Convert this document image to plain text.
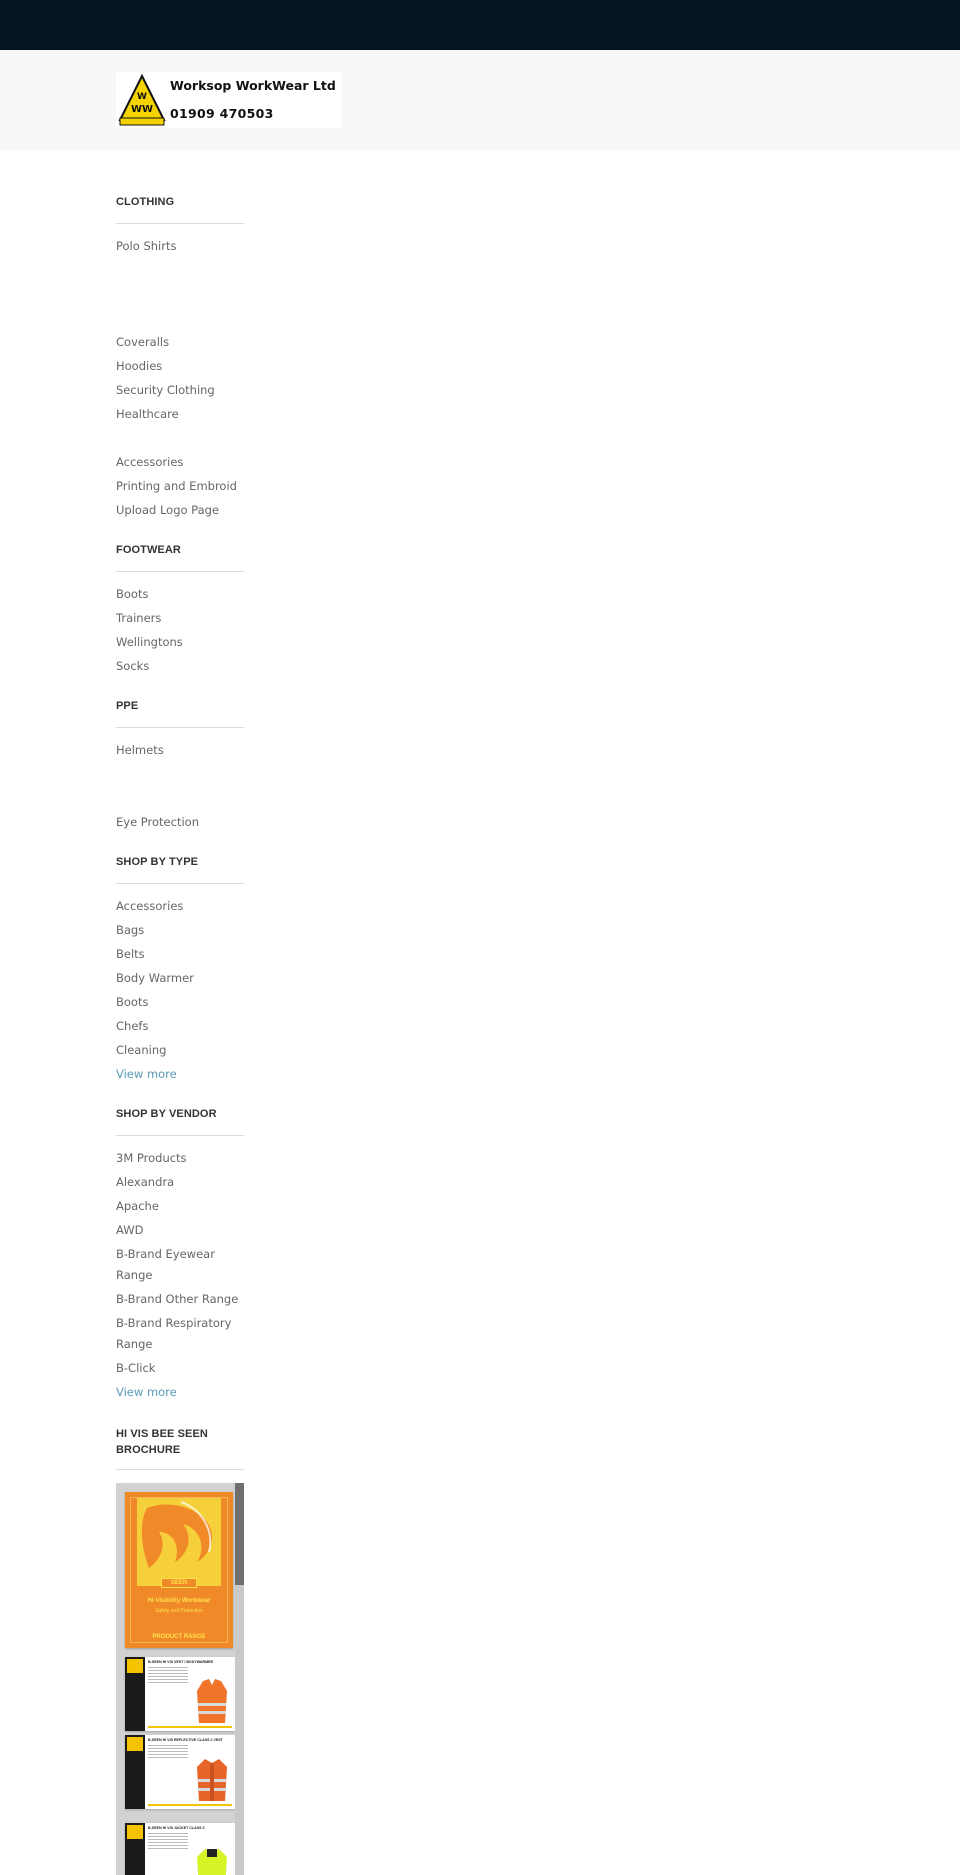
W
WW
Worksop WorkWear Ltd
01909 470503
CLOTHING
Polo Shirts
Coveralls
Hoodies
Security Clothing
Healthcare
Accessories
Printing and Embroid
Upload Logo Page
FOOTWEAR
Boots
Trainers
Wellingtons
Socks
PPE
Helmets
Eye Protection
SHOP BY TYPE
Accessories
Bags
Belts
Body Warmer
Boots
Chefs
Cleaning
View more
SHOP BY VENDOR
3M Products
Alexandra
Apache
AWD
B-Brand Eyewear Range
B-Brand Other Range
B-Brand Respiratory Range
B-Click
View more
HI VIS BEE SEEN BROCHURE
SEEN
Hi-Visibility Workwear
Safety and Protection
PRODUCT RANGE
B-SEEN HI VIS VEST / BODYWARMER
B-SEEN HI VIS REFLECTIVE CLASS 2 VEST
B-SEEN HI VIS JACKET CLASS 3
